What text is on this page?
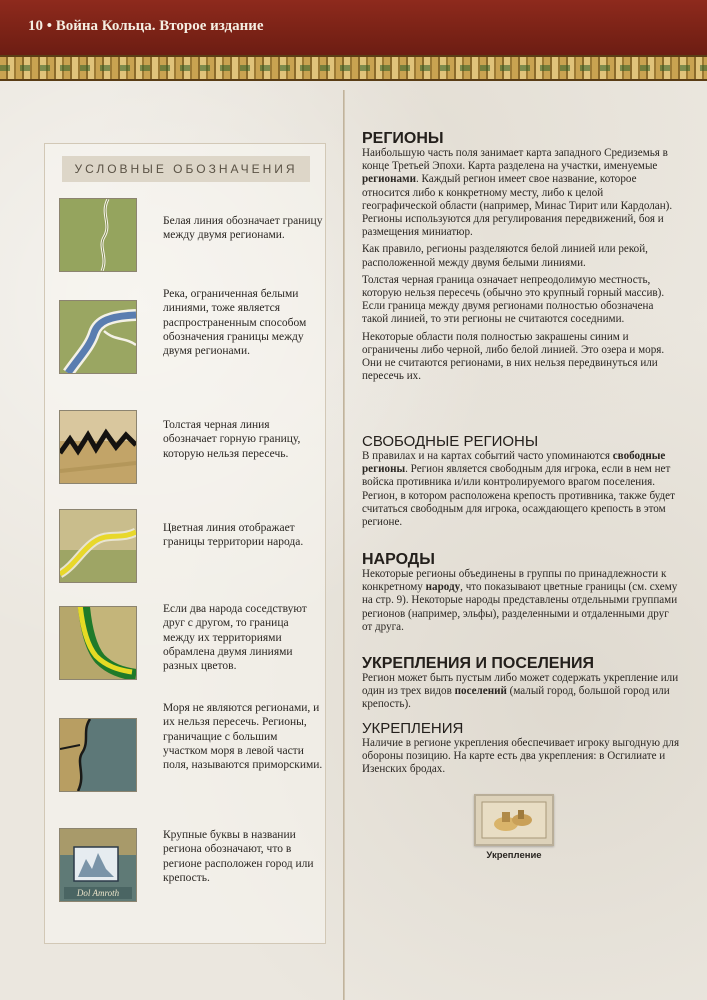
10 • Война Кольца. Второе издание
УСЛОВНЫЕ ОБОЗНАЧЕНИЯ
Белая линия обозначает границу между двумя регионами.
Река, ограниченная белыми линиями, тоже является распространенным способом обозначения границы между двумя регионами.
Толстая черная линия обозначает горную границу, которую нельзя пересечь.
Цветная линия отображает границы территории народа.
Если два народа соседствуют друг с другом, то граница между их территориями обрамлена двумя линиями разных цветов.
Моря не являются регионами, и их нельзя пересечь. Регионы, граничащие с большим участком моря в левой части поля, называются приморскими.
Dol Amroth
Крупные буквы в названии региона обозначают, что в регионе расположен город или крепость.
РЕГИОНЫ

Наибольшую часть поля занимает карта западного Средиземья в конце Третьей Эпохи. Карта разделена на участки, именуемые регионами. Каждый регион имеет свое название, которое относится либо к конкретному месту, либо к целой географической области (например, Минас Тирит или Кардолан). Регионы используются для регулирования передвижений, боя и размещения миниатюр.

Как правило, регионы разделяются белой линией или рекой, расположенной между двумя белыми линиями.

Толстая черная граница означает непреодолимую местность, которую нельзя пересечь (обычно это крупный горный массив). Если граница между двумя регионами полностью обозначена такой линией, то эти регионы не считаются соседними.

Некоторые области поля полностью закрашены синим и ограничены либо черной, либо белой линией. Это озера и моря. Они не считаются регионами, в них нельзя передвинуться или пересечь их.

СВОБОДНЫЕ РЕГИОНЫ

В правилах и на картах событий часто упоминаются свободные регионы. Регион является свободным для игрока, если в нем нет войска противника и/или контролируемого врагом поселения. Регион, в котором расположена крепость противника, также будет считаться свободным для игрока, осаждающего крепость в этом регионе.

НАРОДЫ

Некоторые регионы объединены в группы по принадлежности к конкретному народу, что показывают цветные границы (см. схему на стр. 9). Некоторые народы представлены отдельными группами регионов (например, эльфы), разделенными и отдаленными друг от друга.

УКРЕПЛЕНИЯ И ПОСЕЛЕНИЯ

Регион может быть пустым либо может содержать укрепление или один из трех видов поселений (малый город, большой город или крепость).

УКРЕПЛЕНИЯ

Наличие в регионе укрепления обеспечивает игроку выгодную для обороны позицию. На карте есть два укрепления: в Осгилиате и Изенских бродах.

Укрепление
